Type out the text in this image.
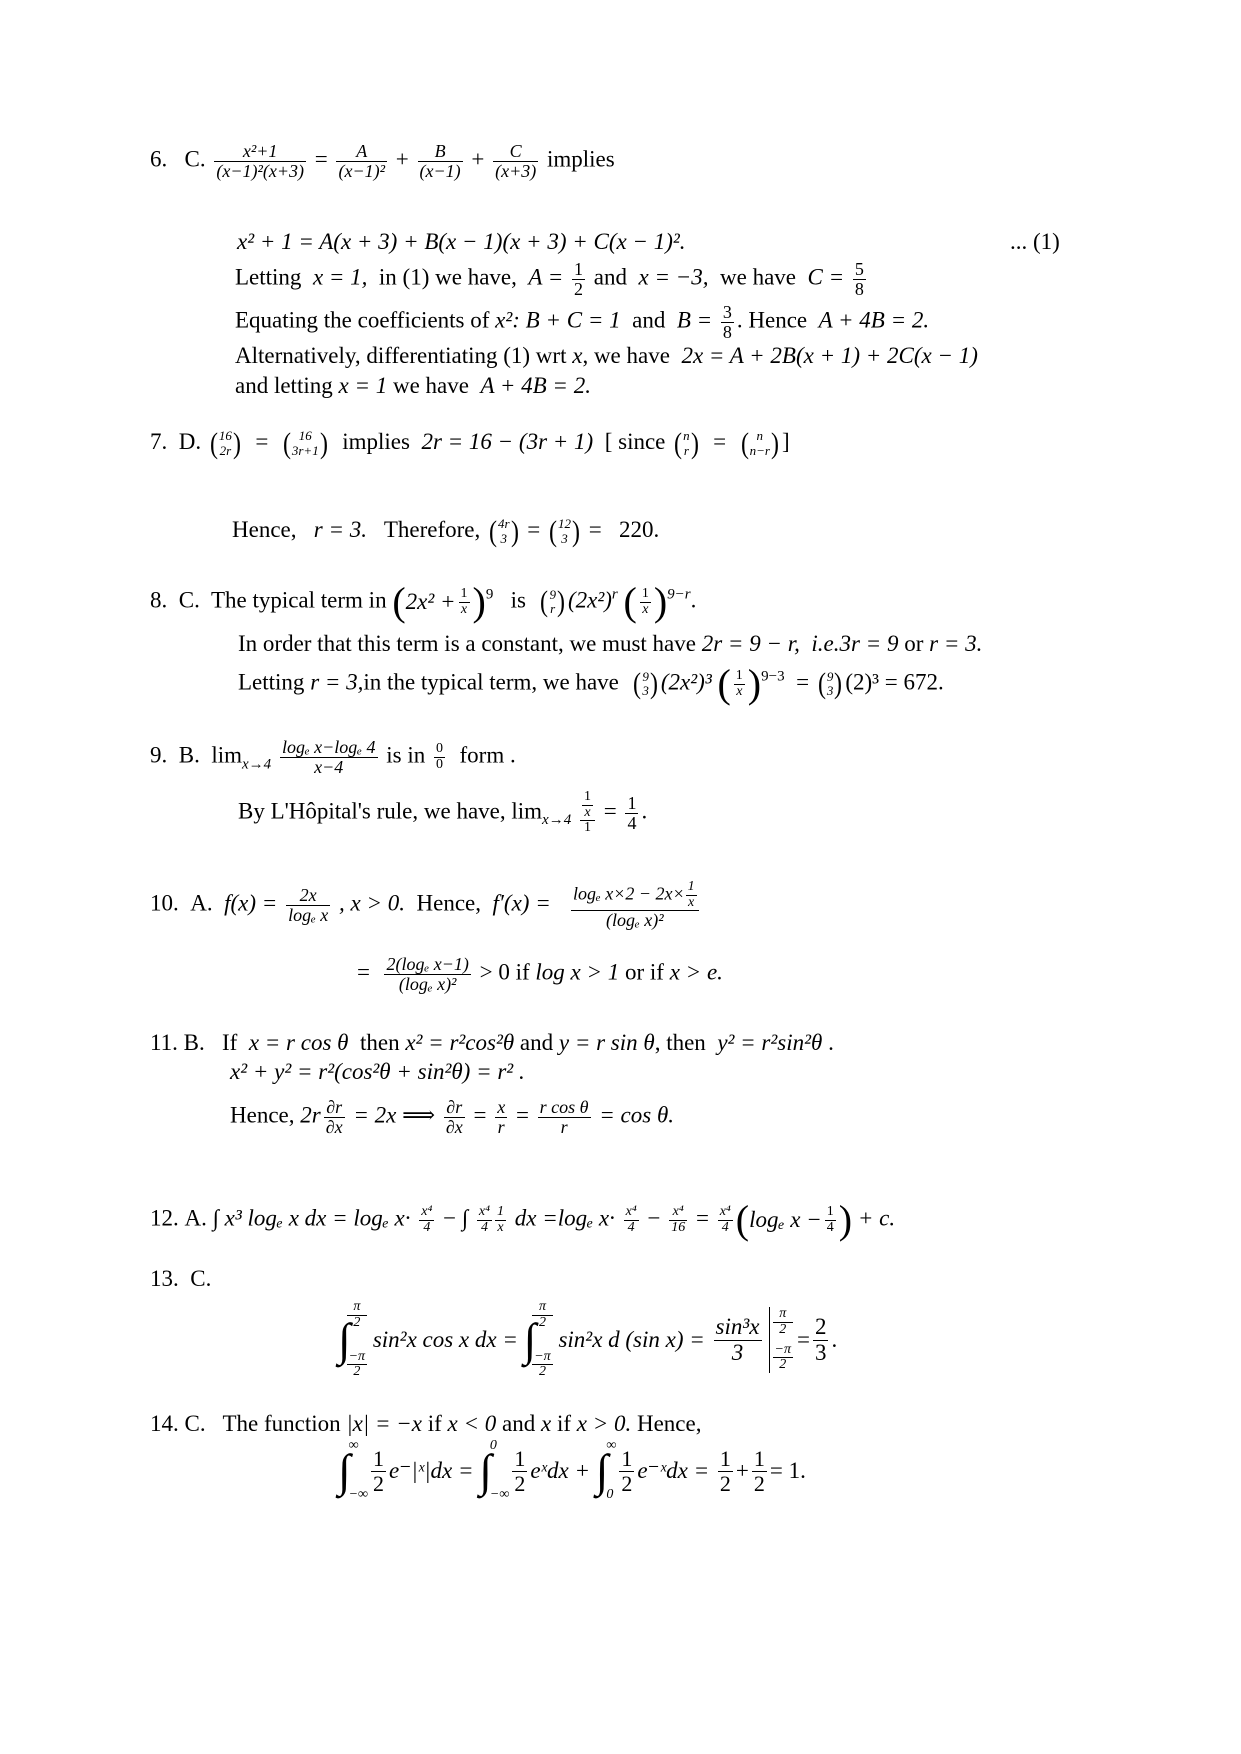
6. C. $\frac{\text{x²+1}}{\text{(x−1)²(x+3)}} = \frac{A}{\text{(x−1)²}} + \frac{B}{(x-1)} + \frac{C}{(x+3)}$ implies
x² + 1 = A(x + 3) + B(x − 1)(x + 3) + C(x − 1)².	... (1)
Letting x = 1, in (1) we have, $A = \frac{1}{2}$ and x = −3, we have $C = \frac{5}{8}$
Equating the coefficients of x²: B + C = 1 and $B = \frac{3}{8}$ . Hence A + 4B = 2.
Alternatively, differentiating (1) wrt x, we have 2x = A + 2B(x + 1) + 2C(x − 1)
and letting x = 1 we have A + 4B = 2.
7. D. ( 16
2r ) = ( 16
3r+1 ) implies 2r = 16 − (3r + 1) [ since ( n
r ) = ( n
n−r ) ]
Hence, r = 3. Therefore, ( 4r
3 ) = ( 12
3 ) = 220.
8. C. The typical term in ( $2x^2 + \frac{1}{x}$ ) $^9$ is ( 9
r ) $(2x^2)^r$ ( 1
x ) $^{9-r}$.
In order that this term is a constant, we must have 2r = 9 − r, i.e.3r = 9 or r = 3.
Letting r = 3,in the typical term, we have ( 9
3 ) (2x²)³ ( 1
x ) $^{9-3}$  = ( 9
3 ) (2)³ = 672.
9. B. $\lim_{x\to 4} \frac{\text{logₑ x−logₑ 4}}{x-4}$ is in $\frac{0}{0}$ form .
By L'Hôpital's rule, we have, $\lim_{x\to 4} \frac{\frac{1}{x}}{1} = \frac{1}{4}$ .
10. A. $f(x) = \frac{2x}{\text{logₑ x}}$ , x > 0. Hence, $f'(x) = \frac{\log_e x\times 2 - 2x\times \frac{1}{x}}{\text{(logₑ x)²}}$
= $\frac{\text{2(logₑ x−1)}}{\text{(logₑ x)²}} > 0$ if log x > 1 or if x > e.
11. B. If x = r cos θ then x² = r²cos²θ and y = r sin θ, then y² = r²sin²θ .
x² + y² = r²(cos²θ + sin²θ) = r² .
Hence, $2r \frac{\partial r}{\partial x} = 2x$ ⟹ $\frac{\partial r}{\partial x} = \frac{x}{r} = \frac{\text{r cos θ}}{r} = \cos \theta$.
12. A. ∫ x³ logₑ x dx = logₑ $x\cdot \frac{\text{x⁴}}{4}$ − ∫ $\frac{\text{x⁴}}{4} \frac{1}{x}$ dx =logₑ $x\cdot \frac{\text{x⁴}}{4} - \frac{\text{x⁴}}{16} = \frac{\text{x⁴}}{4}$ ( logₑ $x - \frac{1}{4}$ ) + c.
13. C.
∫
π
2
−π
2

sin²x cos x dx =
∫
π
2
−π
2

sin²x d (sin x) =
$\frac{\text{sin³x}}{3}$
π
2
−π
2
= $\frac{2}{3}$ .
14. C. The function |x| = −x if x < 0 and x if x > 0. Hence,
∫
∞
−∞
1
2 e⁻|ˣ|dx =
∫
0
−∞
1
2 eˣdx +
∫
∞
0
1
2 e⁻ˣdx =
$\frac{1}{2} + \frac{1}{2} = 1$.
